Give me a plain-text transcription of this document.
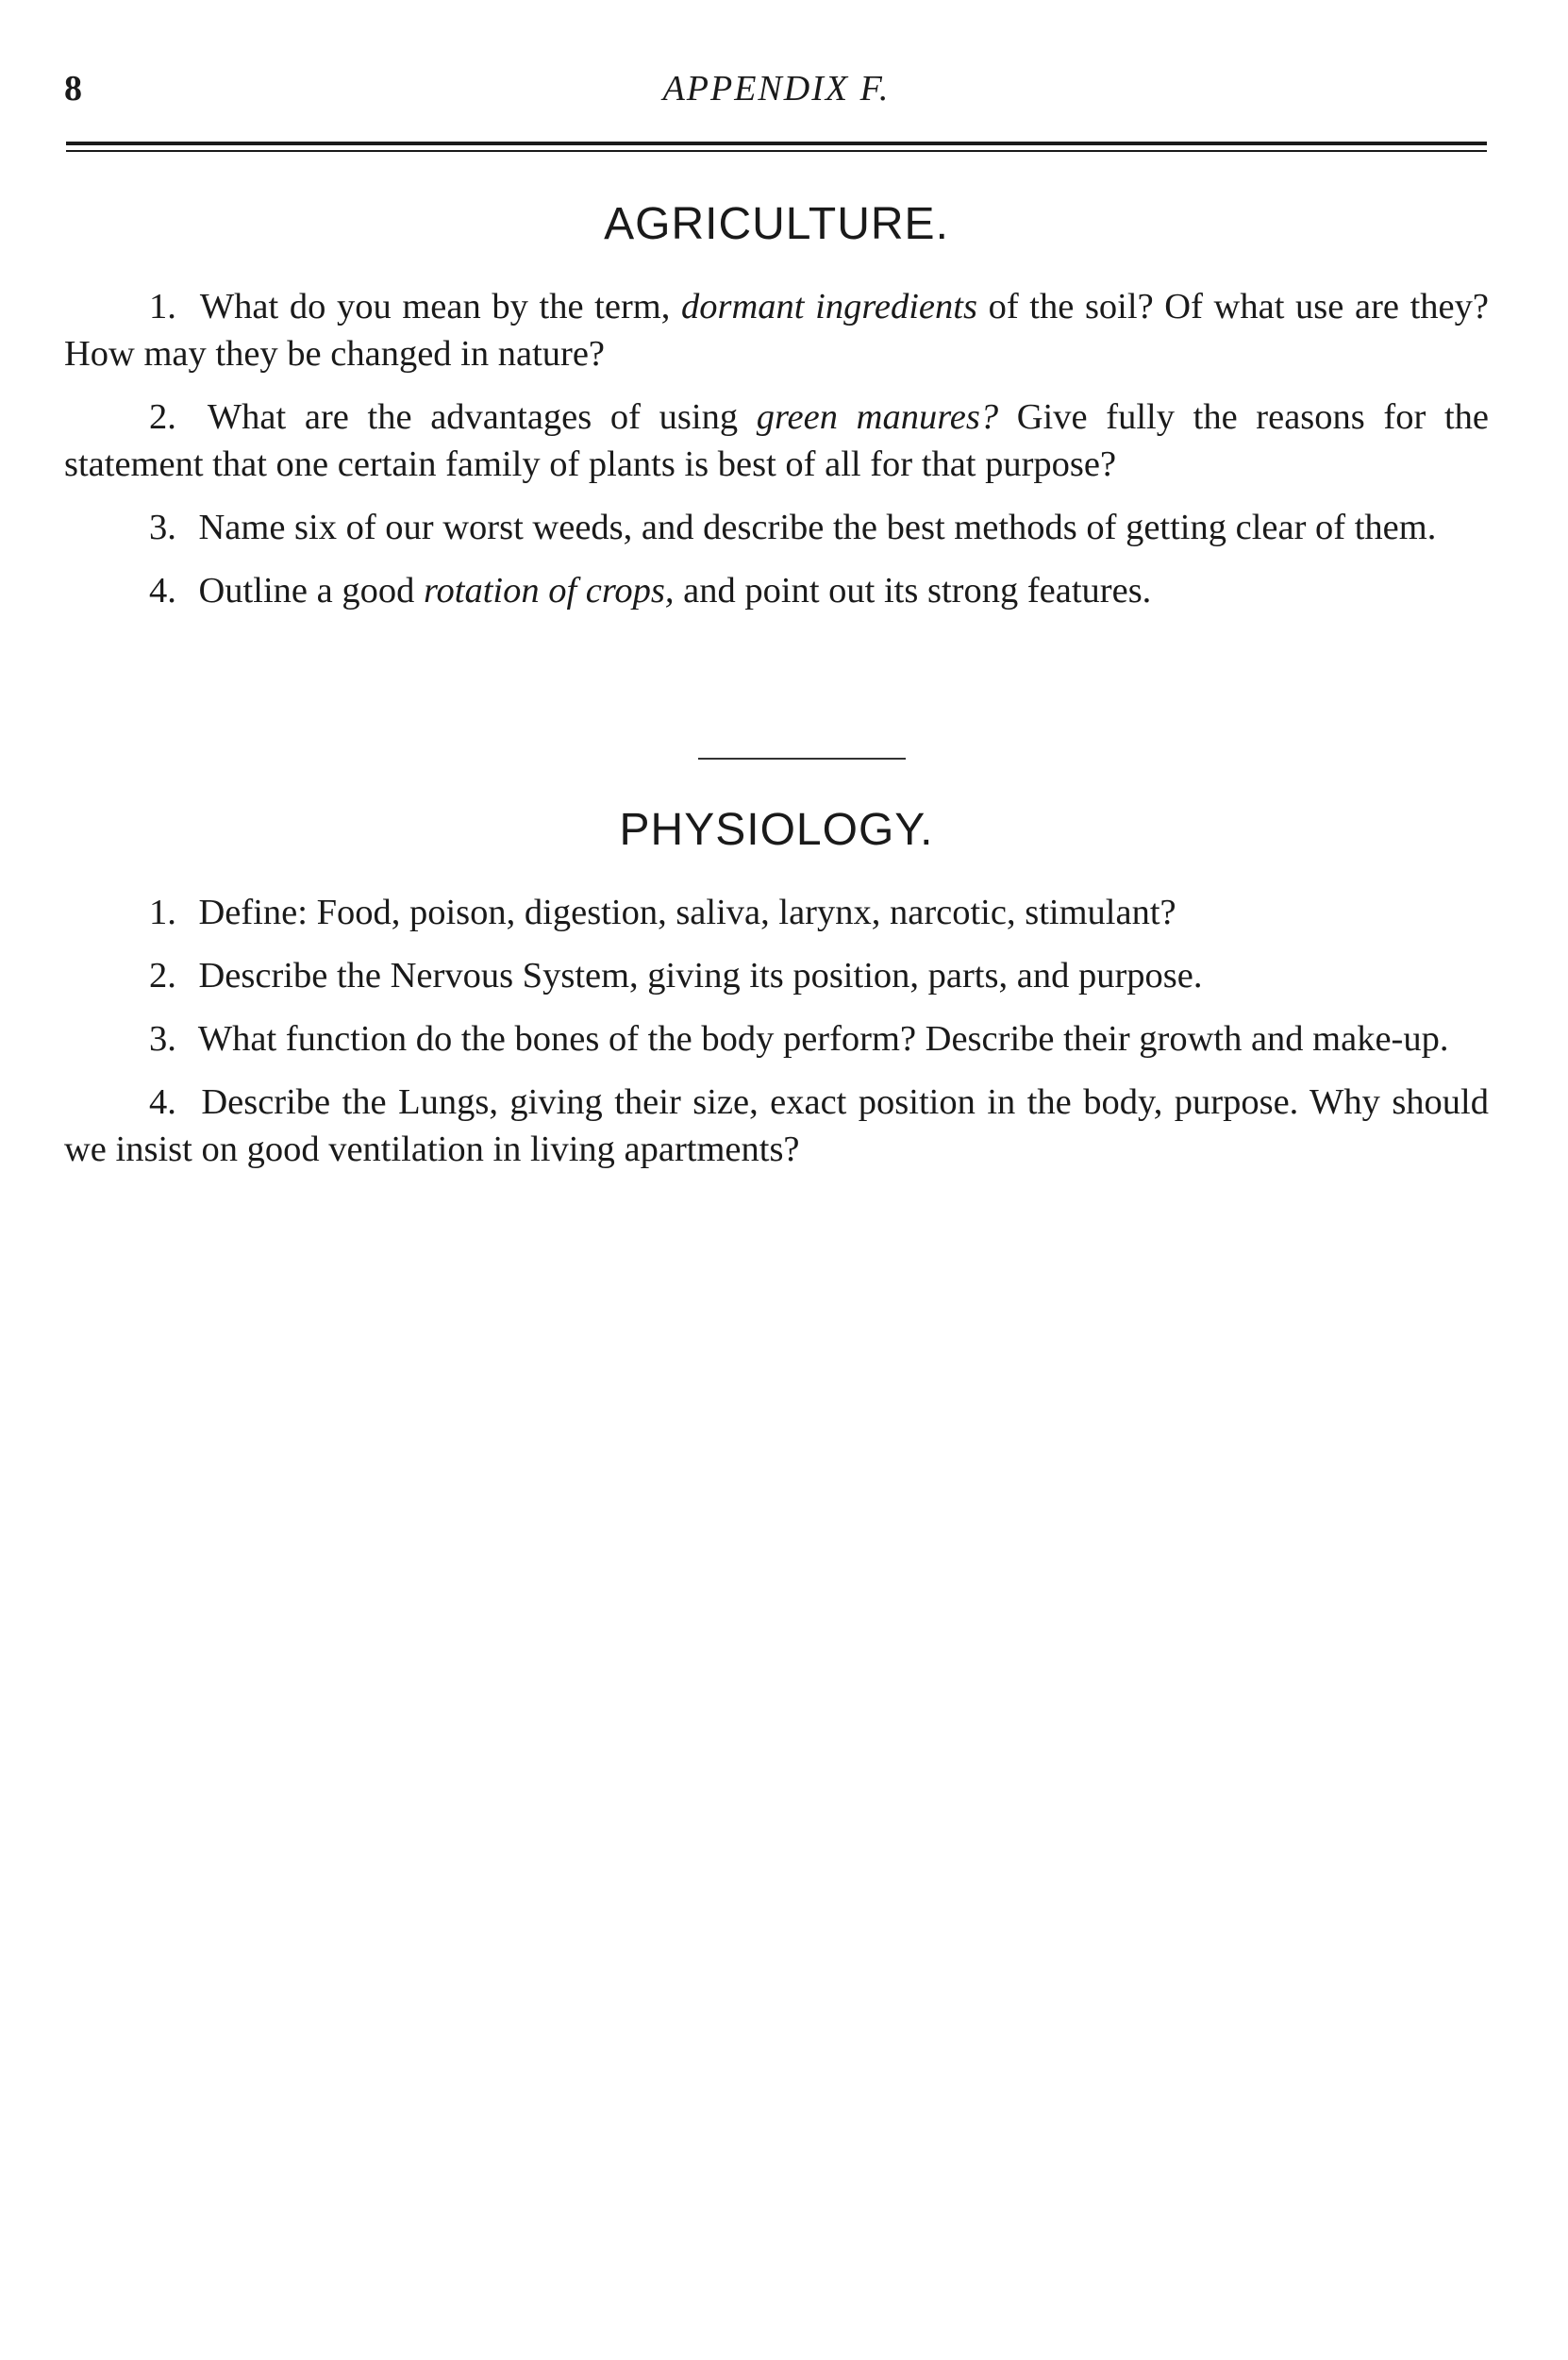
8	APPENDIX F.
AGRICULTURE.

1. What do you mean by the term, dormant ingredients of the soil? Of what use are they? How may they be changed in nature?

2. What are the advantages of using green manures? Give fully the reasons for the statement that one certain family of plants is best of all for that purpose?

3. Name six of our worst weeds, and describe the best methods of getting clear of them.

4. Outline a good rotation of crops, and point out its strong features.

PHYSIOLOGY.

1. Define: Food, poison, digestion, saliva, larynx, narcotic, stimulant?

2. Describe the Nervous System, giving its position, parts, and purpose.

3. What function do the bones of the body perform? Describe their growth and make-up.

4. Describe the Lungs, giving their size, exact position in the body, purpose. Why should we insist on good ventilation in living apartments?
